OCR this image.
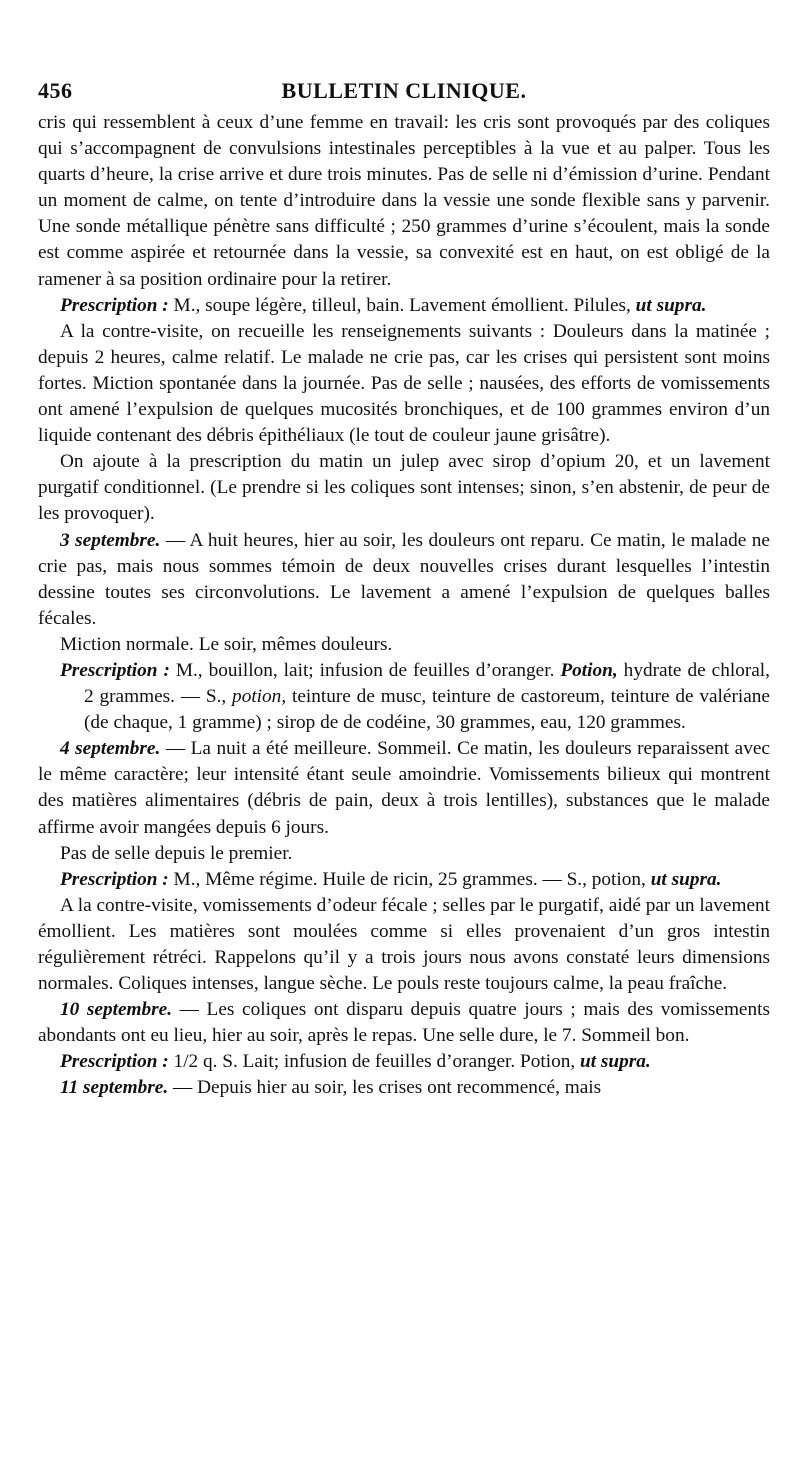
456	BULLETIN CLINIQUE.

cris qui ressemblent à ceux d’une femme en travail: les cris sont provoqués par des coliques qui s’accompagnent de convulsions intestinales perceptibles à la vue et au palper. Tous les quarts d’heure, la crise arrive et dure trois minutes. Pas de selle ni d’émission d’urine. Pendant un moment de calme, on tente d’introduire dans la vessie une sonde flexible sans y parvenir. Une sonde métallique pénètre sans difficulté ; 250 grammes d’urine s’écoulent, mais la sonde est comme aspirée et retournée dans la vessie, sa convexité est en haut, on est obligé de la ramener à sa position ordinaire pour la retirer.

Prescription : M., soupe légère, tilleul, bain. Lavement émollient. Pilules, ut supra.

A la contre-visite, on recueille les renseignements suivants : Douleurs dans la matinée ; depuis 2 heures, calme relatif. Le malade ne crie pas, car les crises qui persistent sont moins fortes. Miction spontanée dans la journée. Pas de selle ; nausées, des efforts de vomissements ont amené l’expulsion de quelques mucosités bronchiques, et de 100 grammes environ d’un liquide contenant des débris épithéliaux (le tout de couleur jaune grisâtre).

On ajoute à la prescription du matin un julep avec sirop d’opium 20, et un lavement purgatif conditionnel. (Le prendre si les coliques sont intenses; sinon, s’en abstenir, de peur de les provoquer).

3 septembre. — A huit heures, hier au soir, les douleurs ont reparu. Ce matin, le malade ne crie pas, mais nous sommes témoin de deux nouvelles crises durant lesquelles l’intestin dessine toutes ses circonvolutions. Le lavement a amené l’expulsion de quelques balles fécales.

Miction normale. Le soir, mêmes douleurs.

Prescription : M., bouillon, lait; infusion de feuilles d’oranger. Potion, hydrate de chloral, 2 grammes. — S., potion, teinture de musc, teinture de castoreum, teinture de valériane (de chaque, 1 gramme) ; sirop de de codéine, 30 grammes, eau, 120 grammes.

4 septembre. — La nuit a été meilleure. Sommeil. Ce matin, les douleurs reparaissent avec le même caractère; leur intensité étant seule amoindrie. Vomissements bilieux qui montrent des matières alimentaires (débris de pain, deux à trois lentilles), substances que le malade affirme avoir mangées depuis 6 jours.

Pas de selle depuis le premier.

Prescription : M., Même régime. Huile de ricin, 25 grammes. — S., potion, ut supra.

A la contre-visite, vomissements d’odeur fécale ; selles par le purgatif, aidé par un lavement émollient. Les matières sont moulées comme si elles provenaient d’un gros intestin régulièrement rétréci. Rappelons qu’il y a trois jours nous avons constaté leurs dimensions normales. Coliques intenses, langue sèche. Le pouls reste toujours calme, la peau fraîche.

10 septembre. — Les coliques ont disparu depuis quatre jours ; mais des vomissements abondants ont eu lieu, hier au soir, après le repas. Une selle dure, le 7. Sommeil bon.

Prescription : 1/2 q. S. Lait; infusion de feuilles d’oranger. Potion, ut supra.

11 septembre. — Depuis hier au soir, les crises ont recommencé, mais
